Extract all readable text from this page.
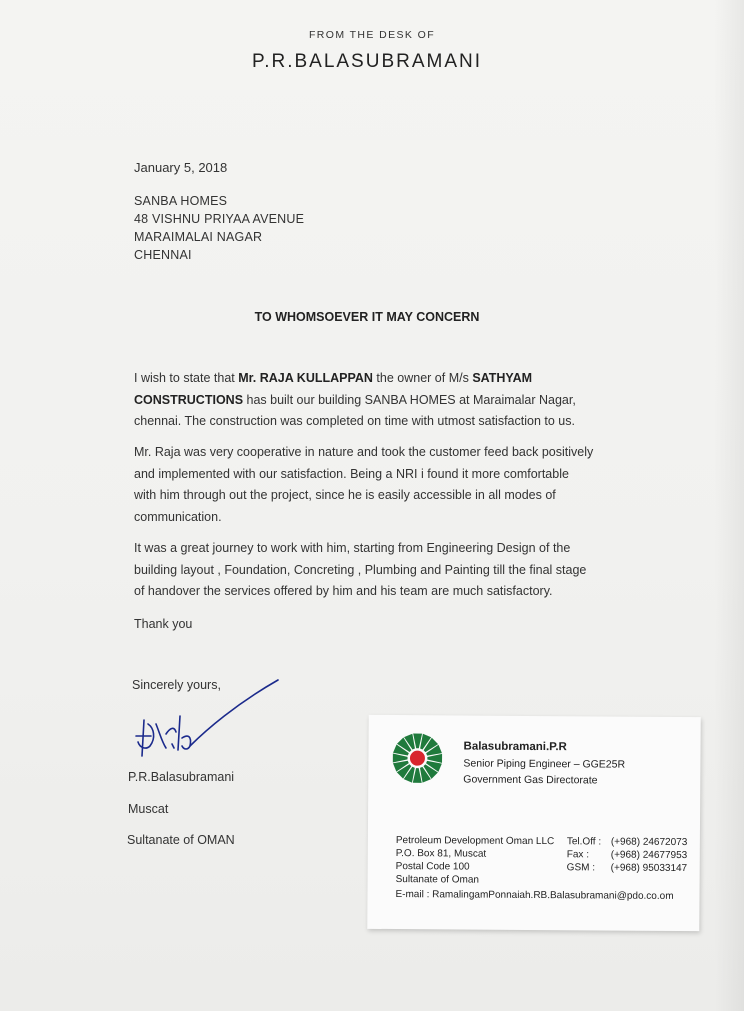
FROM THE DESK OF
P.R.BALASUBRAMANI
January 5, 2018
SANBA HOMES
48 VISHNU PRIYAA AVENUE
MARAIMALAI NAGAR
CHENNAI
TO WHOMSOEVER IT MAY CONCERN
I wish to state that Mr. RAJA KULLAPPAN the owner of M/s SATHYAM
CONSTRUCTIONS has built our building SANBA HOMES at Maraimalar Nagar,
chennai. The construction was completed on time with utmost satisfaction to us.
Mr. Raja was very cooperative in nature and took the customer feed back positively
and implemented with our satisfaction. Being a NRI i found it more comfortable
with him through out the project, since he is easily accessible in all modes of
communication.
It was a great journey to work with him, starting from Engineering Design of the
building layout , Foundation, Concreting , Plumbing and Painting till the final stage
of handover the services offered by him and his team are much satisfactory.
Thank you
Sincerely yours,
P.R.Balasubramani
Muscat
Sultanate of OMAN
Balasubramani.P.R
Senior Piping Engineer – GGE25R
Government Gas Directorate
Petroleum Development Oman LLC
P.O. Box 81, Muscat
Postal Code 100
Sultanate of Oman
Tel.Off : (+968) 24672073
Fax : (+968) 24677953
GSM : (+968) 95033147
E-mail : RamalingamPonnaiah.RB.Balasubramani@pdo.co.om
